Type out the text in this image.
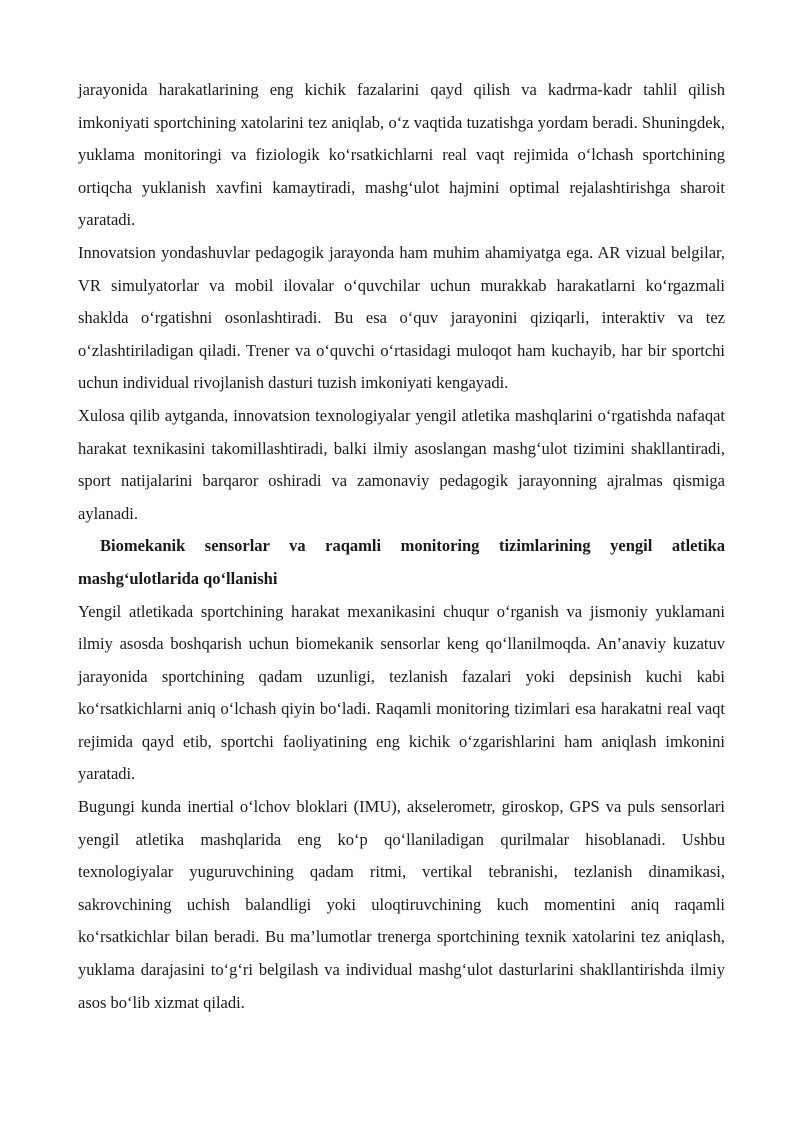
jarayonida harakatlarining eng kichik fazalarini qayd qilish va kadrma-kadr tahlil qilish imkoniyati sportchining xatolarini tez aniqlab, o‘z vaqtida tuzatishga yordam beradi. Shuningdek, yuklama monitoringi va fiziologik ko‘rsatkichlarni real vaqt rejimida o‘lchash sportchining ortiqcha yuklanish xavfini kamaytiradi, mashg‘ulot hajmini optimal rejalashtirishga sharoit yaratadi.

Innovatsion yondashuvlar pedagogik jarayonda ham muhim ahamiyatga ega. AR vizual belgilar, VR simulyatorlar va mobil ilovalar o‘quvchilar uchun murakkab harakatlarni ko‘rgazmali shaklda o‘rgatishni osonlashtiradi. Bu esa o‘quv jarayonini qiziqarli, interaktiv va tez o‘zlashtiriladigan qiladi. Trener va o‘quvchi o‘rtasidagi muloqot ham kuchayib, har bir sportchi uchun individual rivojlanish dasturi tuzish imkoniyati kengayadi.

Xulosa qilib aytganda, innovatsion texnologiyalar yengil atletika mashqlarini o‘rgatishda nafaqat harakat texnikasini takomillashtiradi, balki ilmiy asoslangan mashg‘ulot tizimini shakllantiradi, sport natijalarini barqaror oshiradi va zamonaviy pedagogik jarayonning ajralmas qismiga aylanadi.

Biomekanik sensorlar va raqamli monitoring tizimlarining yengil atletika mashg‘ulotlarida qo‘llanishi

Yengil atletikada sportchining harakat mexanikasini chuqur o‘rganish va jismoniy yuklamani ilmiy asosda boshqarish uchun biomekanik sensorlar keng qo‘llanilmoqda. An’anaviy kuzatuv jarayonida sportchining qadam uzunligi, tezlanish fazalari yoki depsinish kuchi kabi ko‘rsatkichlarni aniq o‘lchash qiyin bo‘ladi. Raqamli monitoring tizimlari esa harakatni real vaqt rejimida qayd etib, sportchi faoliyatining eng kichik o‘zgarishlarini ham aniqlash imkonini yaratadi.

Bugungi kunda inertial o‘lchov bloklari (IMU), akselerometr, giroskop, GPS va puls sensorlari yengil atletika mashqlarida eng ko‘p qo‘llaniladigan qurilmalar hisoblanadi. Ushbu texnologiyalar yuguruvchining qadam ritmi, vertikal tebranishi, tezlanish dinamikasi, sakrovchining uchish balandligi yoki uloqtiruvchining kuch momentini aniq raqamli ko‘rsatkichlar bilan beradi. Bu ma’lumotlar trenerga sportchining texnik xatolarini tez aniqlash, yuklama darajasini to‘g‘ri belgilash va individual mashg‘ulot dasturlarini shakllantirishda ilmiy asos bo‘lib xizmat qiladi.
